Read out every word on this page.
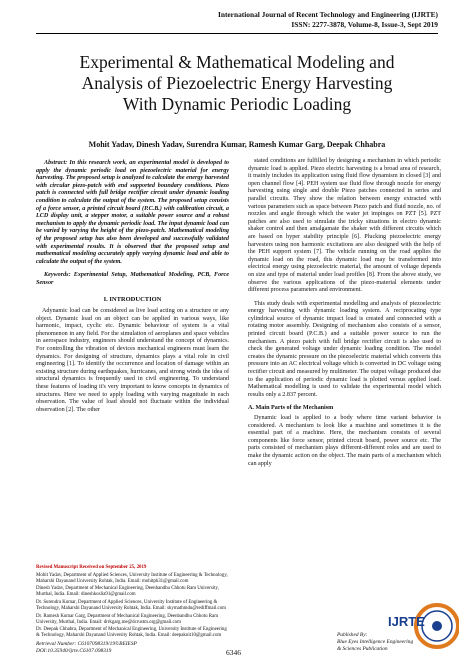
International Journal of Recent Technology and Engineering (IJRTE)
ISSN: 2277-3878, Volume-8, Issue-3, Sept 2019
Experimental & Mathematical Modeling and
Analysis of Piezoelectric Energy Harvesting
With Dynamic Periodic Loading
Mohit Yadav, Dinesh Yadav, Surendra Kumar, Ramesh Kumar Garg, Deepak Chhabra

Abstract: In this research work, an experimental model is developed to apply the dynamic periodic load on piezoelectric material for energy harvesting. The proposed setup is analyzed to calculate the energy harvested with circular piezo-patch with end supported boundary conditions. Piezo patch is connected with full bridge rectifier circuit under dynamic loading condition to calculate the output of the system. The proposed setup consists of a force sensor, a printed circuit board (P.C.B.) with calibration circuit, a LCD display unit, a stepper motor, a suitable power source and a robust mechanism to apply the dynamic periodic load. The input dynamic load can be varied by varying the height of the piezo-patch. Mathematical modeling of the proposed setup has also been developed and successfully validated with experimental results. It is observed that the proposed setup and mathematical modeling accurately apply varying dynamic load and able to calculate the output of the system.

Keywords: Experimental Setup, Mathematical Modeling, PCB, Force Sensor

I. INTRODUCTION

Adynamic load can be considered as live load acting on a structure or any object. Dynamic load on an object can be applied in various ways, like harmonic, impact, cyclic etc. Dynamic behaviour of system is a vital phenomenon in any field. For the simulation of aeroplanes and space vehicles in aerospace industry, engineers should understand the concept of dynamics. For controlling the vibration of devices mechanical engineers must learn the dynamics. For designing of structure, dynamics plays a vital role in civil engineering [1]. To identify the occurrence and location of damage within an existing structure during earthquakes, hurricanes, and strong winds the idea of structural dynamics is frequently used in civil engineering. To understand these features of loading it's very important to know concepts in dynamics of structures. Here we need to apply loading with varying magnitude in each observation. The value of load should not fluctuate within the individual observation [2]. The other

Revised Manuscript Received on September 25, 2019

Mohit Yadav, Department of Applied Sciences, University Institute of Engineering & Technology, Maharshi Dayanand University Rohtak, India. Email: mohitph31@gmail.com

Dinesh Yadav, Department of Mechanical Engineering, Deenbandhu Chhotu Ram University, Murthal, India. Email: dineshkoslia91@gmail.com

Dr. Surendra Kumar, Department of Applied Sciences, University Institute of Engineering & Technology, Maharshi Dayanand University Rohtak, India. Email: skymathmdu@rediffmail.com

Dr. Ramesh Kumar Garg, Department of Mechanical Engineering, Deenbandhu Chhotu Ram University, Murthal, India. Email: drrkgarg.me@dcrustm.org@gmail.com

Dr. Deepak Chhabra, Department of Mechanical Engineering, University Institute of Engineering & Technology, Maharshi Dayanand University Rohtak, India. Email: deepaknit10@gmail.com

stated conditions are fulfilled by designing a mechanism in which periodic dynamic load is applied. Piezo electric harvesting is a broad area of research, it mainly includes its application using fluid flow dynamism in closed [3] and open channel flow [4]. PEH system use fluid flow through nozzle for energy harvesting using single and double Piezo patches connected in series and parallel circuits. They show the relation between energy extracted with various parameters such as space between Piezo patch and fluid nozzle, no. of nozzles and angle through which the water jet impinges on PZT [5]. PZT patches are also used to simulate the tricky situations in electro dynamic shaker control and then amalgamate the shaker with different circuits which are based on hyper stability principle [6]. Plucking piezoelectric energy harvesters using non harmonic excitations are also designed with the help of the PEH support system [7]. The vehicle running on the road applies the dynamic load on the road, this dynamic load may be transformed into electrical energy using piezoelectric material, the amount of voltage depends on size and type of material under load profiles [8]. From the above study, we observe the various applications of the piezo-material elements under different process parameters and environment.

This study deals with experimental modelling and analysis of piezoelectric energy harvesting with dynamic loading system. A reciprocating type cylindrical source of dynamic impact load is created and connected with a rotating motor assembly. Designing of mechanism also consists of a sensor, printed circuit board (P.C.B.) and a suitable power source to run the mechanism. A piezo patch with full bridge rectifier circuit is also used to check the generated voltage under dynamic loading condition. The model creates the dynamic pressure on the piezoelectric material which converts this pressure into an AC electrical voltage which is converted in DC voltage using rectifier circuit and measured by multimeter. The output voltage produced due to the application of periodic dynamic load is plotted versus applied load. Mathematical modelling is used to validate the experimental model which results only a 2.837 percent.

A. Main Parts of the Mechanism

Dynamic load is applied to a body where time variant behavior is considered. A mechanism is look like a machine and sometimes it is the essential part of a machine. Here, the mechanism consists of several components like force sensor, printed circuit board, power source etc. The parts consisted of mechanism plays different-different roles and are used to make the dynamic action on the object. The main parts of a mechanism which can apply

Retrieval Number: C6107098319/19©BEIESP
DOI:10.35940/ijrte.C6107.098319	6346
Published By:
Blue Eyes Intelligence Engineering
& Sciences Publication
IJRTE
